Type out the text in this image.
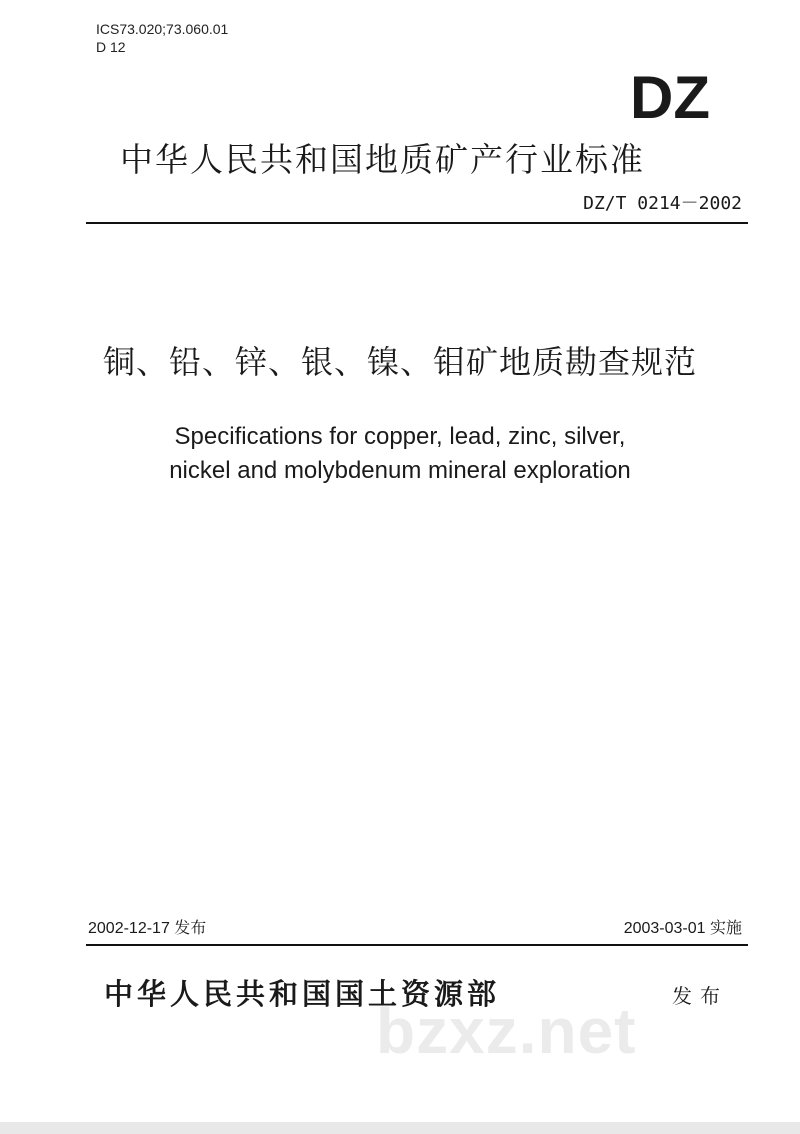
ICS73.020;73.060.01
D 12
DZ
中华人民共和国地质矿产行业标准
DZ/T 0214－2002
铜、铅、锌、银、镍、钼矿地质勘查规范
Specifications for copper, lead, zinc, silver,
nickel and molybdenum mineral exploration
2002-12-17 发布	2003-03-01 实施
bzxz.net
中华人民共和国国土资源部	发布
